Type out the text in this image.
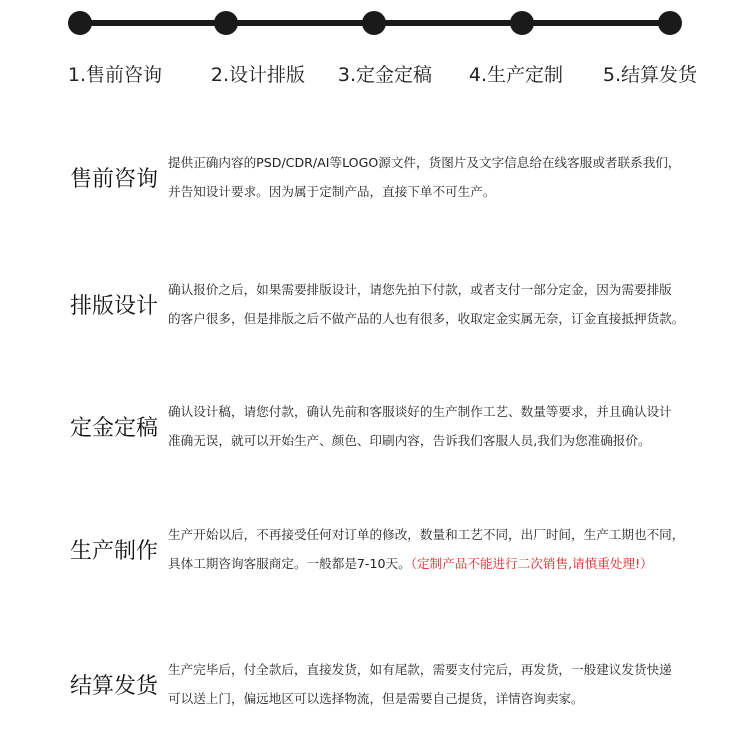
1.售前咨询	2.设计排版 3.定金定稿 4.生产定制 5.结算发货
售前咨询
提供正确内容的PSD/CDR/AI等LOGO源文件，货图片及文字信息给在线客服或者联系我们，
并告知设计要求。因为属于定制产品，直接下单不可生产。
排版设计
确认报价之后，如果需要排版设计，请您先拍下付款，或者支付一部分定金，因为需要排版
的客户很多，但是排版之后不做产品的人也有很多，收取定金实属无奈，订金直接抵押货款。
定金定稿
确认设计稿，请您付款，确认先前和客服谈好的生产制作工艺、数量等要求，并且确认设计
准确无误，就可以开始生产、颜色、印刷内容，告诉我们客服人员,我们为您准确报价。
生产制作
生产开始以后，不再接受任何对订单的修改，数量和工艺不同，出厂时间，生产工期也不同，
具体工期咨询客服商定。一般都是7-10天。（定制产品不能进行二次销售,请慎重处理!）
结算发货
生产完毕后，付全款后，直接发货，如有尾款，需要支付完后，再发货，一般建议发货快递
可以送上门，偏远地区可以选择物流，但是需要自己提货，详情咨询卖家。
